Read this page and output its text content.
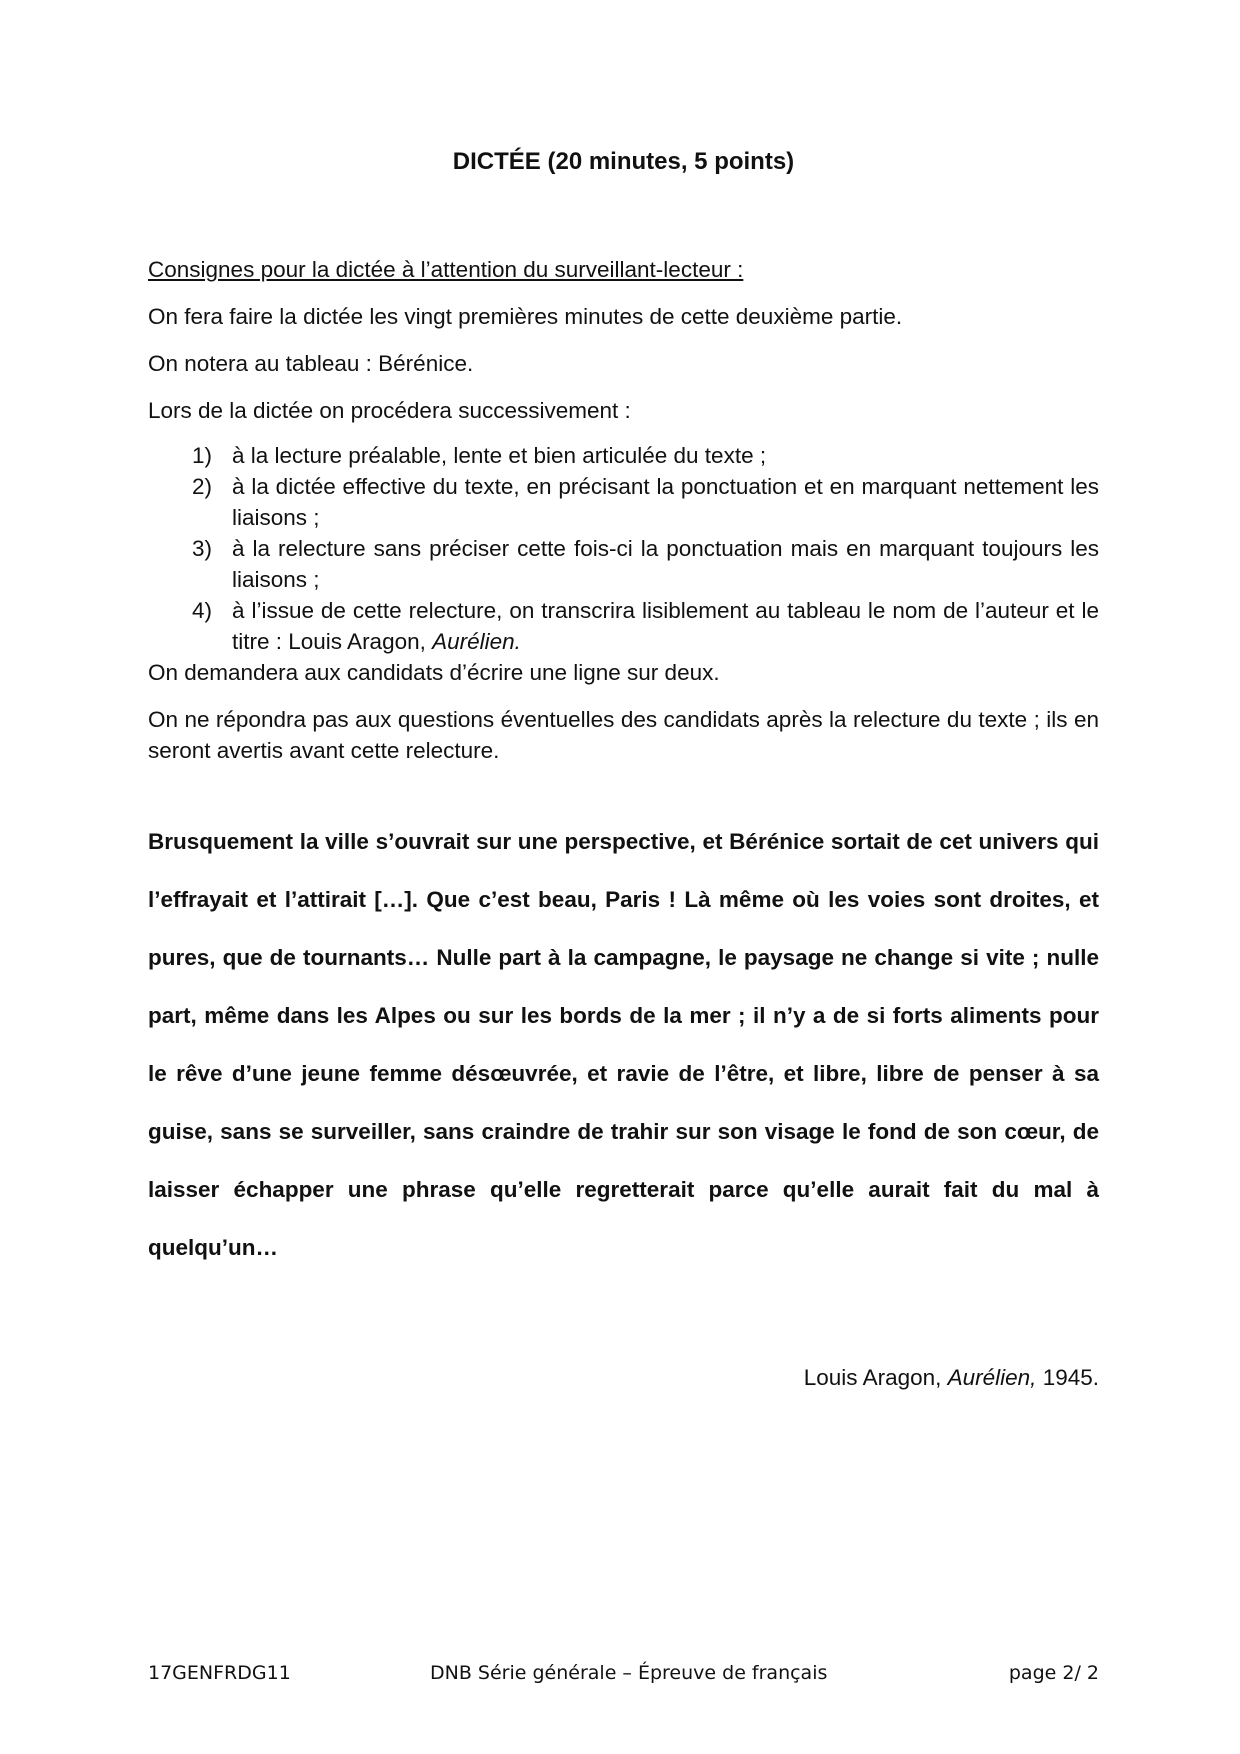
DICTÉE (20 minutes, 5 points)

Consignes pour la dictée à l’attention du surveillant-lecteur :

On fera faire la dictée les vingt premières minutes de cette deuxième partie.

On notera au tableau : Bérénice.

Lors de la dictée on procédera successivement :

1) à la lecture préalable, lente et bien articulée du texte ;
2) à la dictée effective du texte, en précisant la ponctuation et en marquant nettement les liaisons ;
3) à la relecture sans préciser cette fois-ci la ponctuation mais en marquant toujours les liaisons ;
4) à l’issue de cette relecture, on transcrira lisiblement au tableau le nom de l’auteur et le titre : Louis Aragon, Aurélien.

On demandera aux candidats d’écrire une ligne sur deux.

On ne répondra pas aux questions éventuelles des candidats après la relecture du texte ; ils en seront avertis avant cette relecture.

Brusquement la ville s’ouvrait sur une perspective, et Bérénice sortait de cet univers qui l’effrayait et l’attirait […]. Que c’est beau, Paris ! Là même où les voies sont droites, et pures, que de tournants… Nulle part à la campagne, le paysage ne change si vite ; nulle part, même dans les Alpes ou sur les bords de la mer ; il n’y a de si forts aliments pour le rêve d’une jeune femme désœuvrée, et ravie de l’être, et libre, libre de penser à sa guise, sans se surveiller, sans craindre de trahir sur son visage le fond de son cœur, de laisser échapper une phrase qu’elle regretterait parce qu’elle aurait fait du mal à quelqu’un…

Louis Aragon, Aurélien, 1945.
17GENFRDG11	DNB Série générale – Épreuve de français	page 2/ 2
